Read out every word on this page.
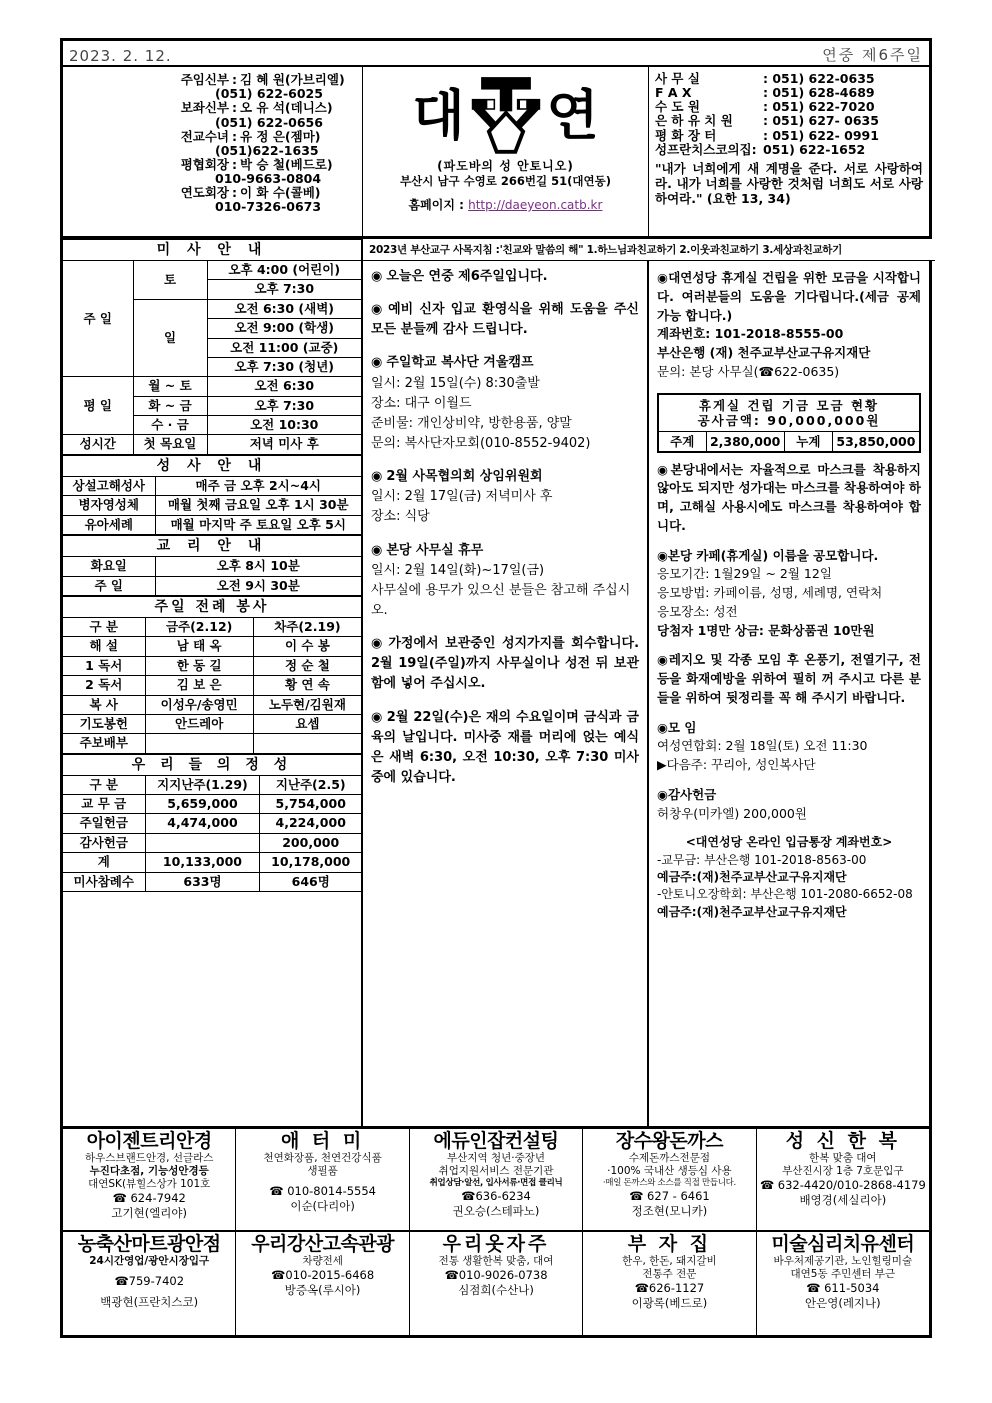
2023. 2. 12.	연중 제6주일
주임신부 : 김 혜 원(가브리엘)
(051) 622-6025
보좌신부 : 오 유 석(데니스)
(051) 622-0656
전교수녀 : 유 정 은(젬마)
(051)622-1635
평협회장 : 박 승 철(베드로)
010-9663-0804
연도회장 : 이 화 수(콜베)
010-7326-0673
대 연
(파도바의 성 안토니오)
부산시 남구 수영로 266번길 51(대연동)
홈페이지 : http://daeyeon.catb.kr
사 무 실	: 051) 622-0635
F A X	: 051) 628-4689
수 도 원	: 051) 622-7020
은 하 유 치 원	: 051) 627- 0635
평 화 장 터	: 051) 622- 0991
성프란치스코의집: 051) 622-1652
"내가 너희에게 새 계명을 준다. 서로 사랑하여라. 내가 너희를 사랑한 것처럼 너희도 서로 사랑하여라." (요한 13, 34)
미 사 안 내		
주 일	토	오후 4:00 (어린이)
		오후 7:30
	일	오전 6:30 (새벽)
		오전 9:00 (학생)
		오전 11:00 (교중)
		오후 7:30 (청년)
평 일	월 ~ 토	오전 6:30
	화 ~ 금	오후 7:30
	수 · 금	오전 10:30
성시간	첫 목요일	저녁 미사 후
성 사 안 내	
상설고해성사	매주 금 오후 2시~4시
병자영성체	매월 첫째 금요일 오후 1시 30분
유아세례	매월 마지막 주 토요일 오후 5시
교 리 안 내	
화요일	오후 8시 10분
주 일	오전 9시 30분
주일 전례 봉사		
구 분	금주(2.12)	차주(2.19)
해 설	남 태 옥	이 수 봉
1 독서	한 동 길	정 순 철
2 독서	김 보 은	황 연 속
복 사	이성우/송영민	노두현/김원재
기도봉헌	안드레아	요셉
주보배부		
우 리 들 의 정 성		
구 분	지지난주(1.29)	지난주(2.5)
교 무 금	5,659,000	5,754,000
주일헌금	4,474,000	4,224,000
감사헌금		200,000
계	10,133,000	10,178,000
미사참례수	633명	646명
2023년 부산교구 사목지침 :'친교와 말씀의 해" 1.하느님과친교하기 2.이웃과친교하기 3.세상과친교하기
◉ 오늘은 연중 제6주일입니다.
◉ 예비 신자 입교 환영식을 위해 도움을 주신 모든 분들께 감사 드립니다.
◉ 주일학교 복사단 겨울캠프
일시: 2월 15일(수) 8:30출발
장소: 대구 이월드
준비물: 개인상비약, 방한용품, 양말
문의: 복사단자모회(010-8552-9402)
◉ 2월 사목협의회 상임위원회
일시: 2월 17일(금) 저녁미사 후
장소: 식당
◉ 본당 사무실 휴무
일시: 2월 14일(화)~17일(금)
사무실에 용무가 있으신 분들은 참고해 주십시오.
◉ 가정에서 보관중인 성지가지를 회수합니다. 2월 19일(주일)까지 사무실이나 성전 뒤 보관함에 넣어 주십시오.
◉ 2월 22일(수)은 재의 수요일이며 금식과 금육의 날입니다. 미사중 재를 머리에 얹는 예식은 새벽 6:30, 오전 10:30, 오후 7:30 미사중에 있습니다.
◉대연성당 휴게실 건립을 위한 모금을 시작합니다. 여러분들의 도움을 기다립니다.(세금 공제 가능 합니다.)
계좌번호: 101-2018-8555-00
부산은행 (재) 천주교부산교구유지재단
문의: 본당 사무실(☎622-0635)
휴게실 건립 기금 모금 현황
공사금액: 90,000,000원
주계	2,380,000	누계	53,850,000
◉본당내에서는 자율적으로 마스크를 착용하지 않아도 되지만 성가대는 마스크를 착용하여야 하며, 고해실 사용시에도 마스크를 착용하여야 합니다.
◉본당 카페(휴게실) 이름을 공모합니다.
응모기간: 1월29일 ~ 2월 12일
응모방법: 카페이름, 성명, 세례명, 연락처
응모장소: 성전
당첨자 1명만 상금: 문화상품권 10만원
◉레지오 및 각종 모임 후 온풍기, 전열기구, 전등을 화재예방을 위하여 필히 꺼 주시고 다른 분들을 위하여 뒷정리를 꼭 해 주시기 바랍니다.
◉모 임
여성연합회: 2월 18일(토) 오전 11:30
▶다음주: 꾸리아, 성인복사단
◉감사헌금
허창우(미카엘) 200,000원
<대연성당 온라인 입금통장 계좌번호>
-교무금: 부산은행 101-2018-8563-00
예금주:(재)천주교부산교구유지재단
-안토니오장학회: 부산은행 101-2080-6652-08
예금주:(재)천주교부산교구유지재단
아이젠트리안경
하우스브랜드안경, 선글라스
누진다초점, 기능성안경등
대연SK(뷰힐스상가 101호
☎ 624-7942
고기현(엘리야)
애 터 미
천연화장품, 천연건강식품
생필품
☎ 010-8014-5554
이순(다리아)
에듀인잡컨설팅
부산지역 청년·중장년
취업지원서비스 전문기관
취업상담·알선, 입사서류·면접 클리닉
☎636-6234
권오승(스테파노)
장수왕돈까스
수제돈까스전문점
·100% 국내산 생등심 사용
·매일 돈까스와 소스를 직접 만듭니다.
☎ 627 - 6461
정조현(모니카)
성 신 한 복
한복 맞춤 대여
부산진시장 1층 7호문입구
☎ 632-4420/010-2868-4179
배영경(세실리아)
농축산마트광안점
24시간영업/광안시장입구
☎759-7402
백광현(프란치스코)
우리강산고속관광
차량전세
☎010-2015-6468
방증옥(루시아)
우리옷자주
전통 생활한복 맞춤, 대여
☎010-9026-0738
심점희(수산나)
부 자 집
한우, 한돈, 돼지갈비
전통주 전문
☎626-1127
이광록(베드로)
미술심리치유센터
바우처제공기관, 노인힐링미술
대연5동 주민센터 부근
☎ 611-5034
안은영(레지나)
